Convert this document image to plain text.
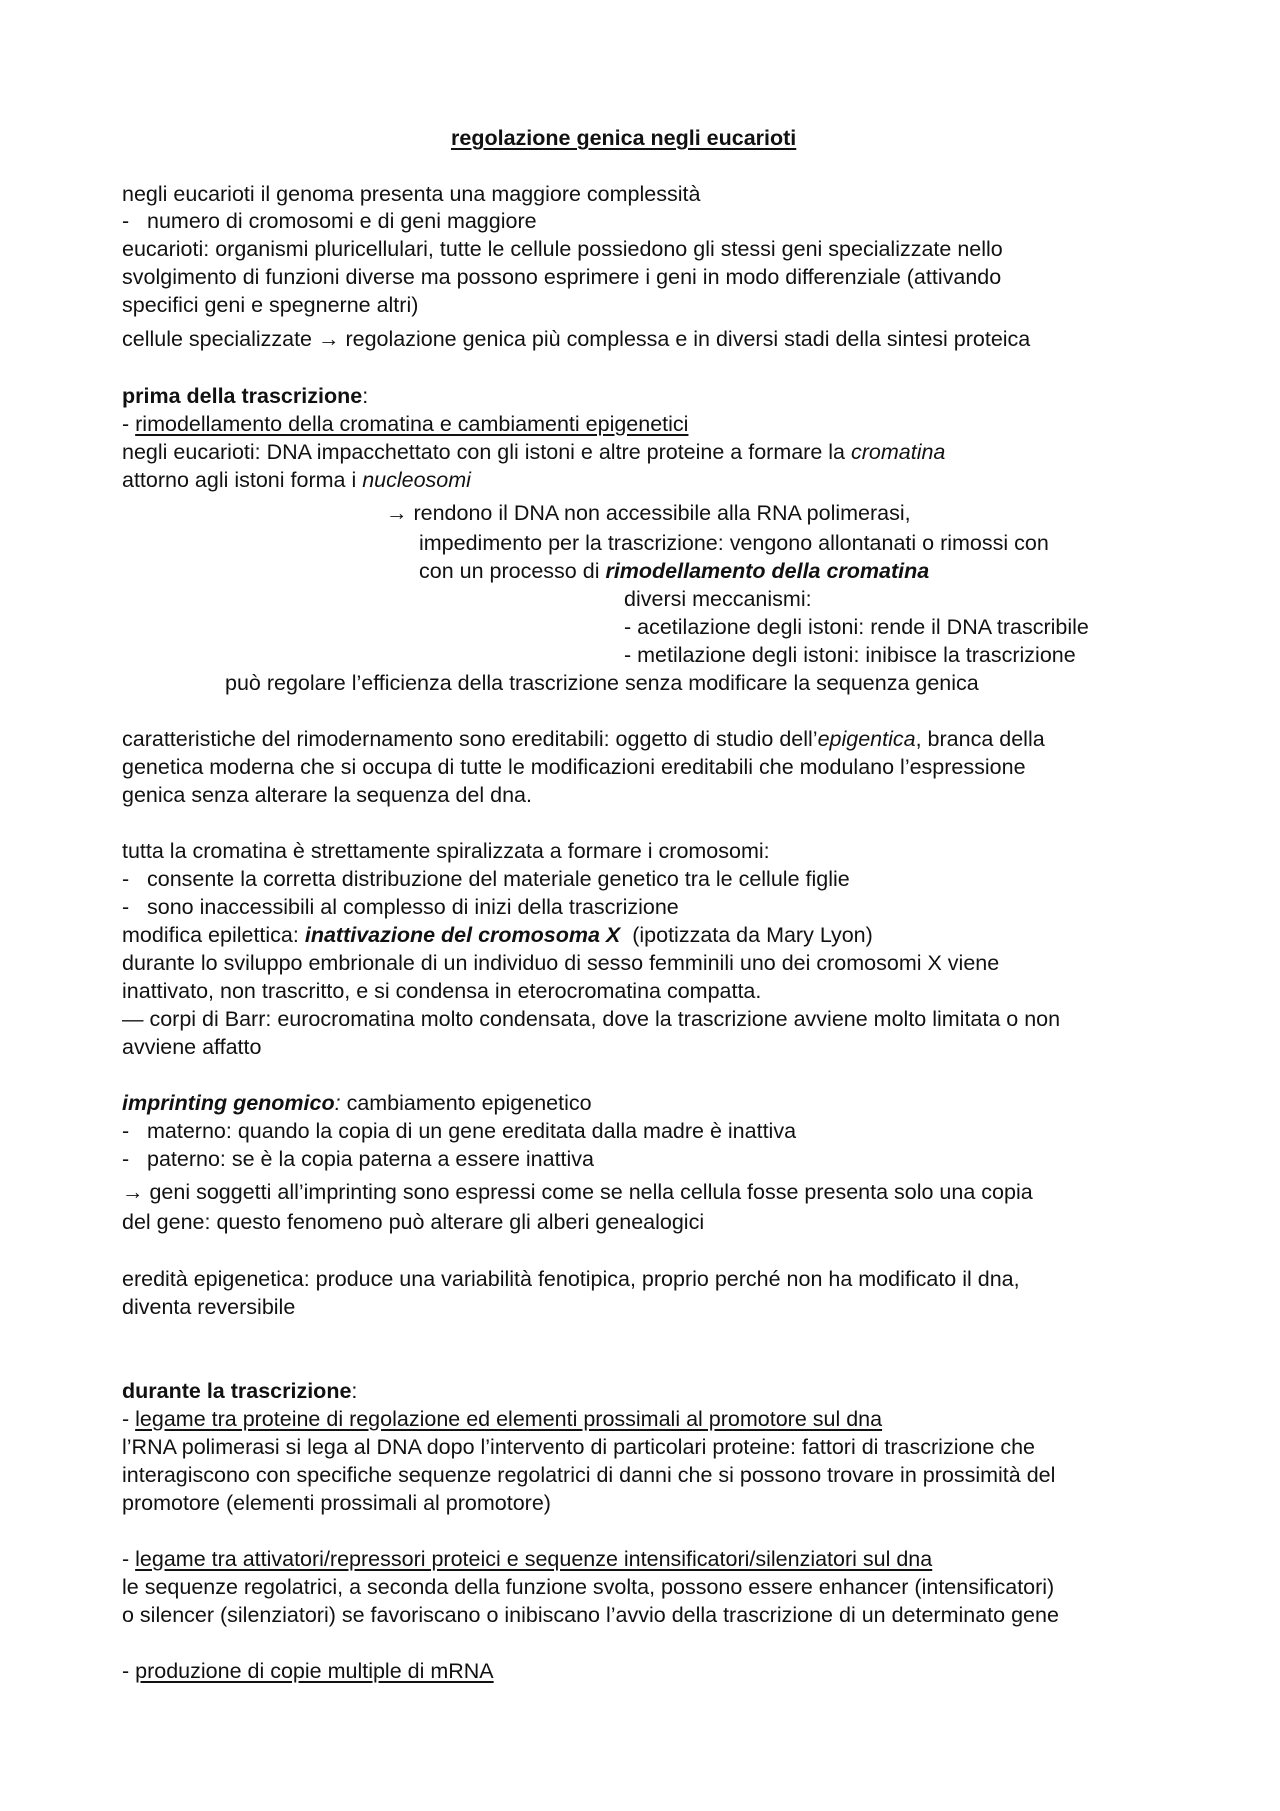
regolazione genica negli eucarioti
negli eucarioti il genoma presenta una maggiore complessità
- numero di cromosomi e di geni maggiore
eucarioti: organismi pluricellulari, tutte le cellule possiedono gli stessi geni specializzate nello
svolgimento di funzioni diverse ma possono esprimere i geni in modo differenziale (attivando
specifici geni e spegnerne altri)
cellule specializzate → regolazione genica più complessa e in diversi stadi della sintesi proteica
prima della trascrizione:
- rimodellamento della cromatina e cambiamenti epigenetici
negli eucarioti: DNA impacchettato con gli istoni e altre proteine a formare la cromatina
attorno agli istoni forma i nucleosomi
→ rendono il DNA non accessibile alla RNA polimerasi,
impedimento per la trascrizione: vengono allontanati o rimossi con
con un processo di rimodellamento della cromatina
diversi meccanismi:
- acetilazione degli istoni: rende il DNA trascribile
- metilazione degli istoni: inibisce la trascrizione
può regolare l’efficienza della trascrizione senza modificare la sequenza genica
caratteristiche del rimodernamento sono ereditabili: oggetto di studio dell’epigentica, branca della
genetica moderna che si occupa di tutte le modificazioni ereditabili che modulano l’espressione
genica senza alterare la sequenza del dna.
tutta la cromatina è strettamente spiralizzata a formare i cromosomi:
- consente la corretta distribuzione del materiale genetico tra le cellule figlie
- sono inaccessibili al complesso di inizi della trascrizione
modifica epilettica: inattivazione del cromosoma X  (ipotizzata da Mary Lyon)
durante lo sviluppo embrionale di un individuo di sesso femminili uno dei cromosomi X viene
inattivato, non trascritto, e si condensa in eterocromatina compatta.
— corpi di Barr: eurocromatina molto condensata, dove la trascrizione avviene molto limitata o non
avviene affatto
imprinting genomico: cambiamento epigenetico
- materno: quando la copia di un gene ereditata dalla madre è inattiva
- paterno: se è la copia paterna a essere inattiva
→ geni soggetti all’imprinting sono espressi come se nella cellula fosse presenta solo una copia
del gene: questo fenomeno può alterare gli alberi genealogici
eredità epigenetica: produce una variabilità fenotipica, proprio perché non ha modificato il dna,
diventa reversibile
durante la trascrizione:
- legame tra proteine di regolazione ed elementi prossimali al promotore sul dna
l’RNA polimerasi si lega al DNA dopo l’intervento di particolari proteine: fattori di trascrizione che
interagiscono con specifiche sequenze regolatrici di danni che si possono trovare in prossimità del
promotore (elementi prossimali al promotore)
- legame tra attivatori/repressori proteici e sequenze intensificatori/silenziatori sul dna
le sequenze regolatrici, a seconda della funzione svolta, possono essere enhancer (intensificatori)
o silencer (silenziatori) se favoriscano o inibiscano l’avvio della trascrizione di un determinato gene
- produzione di copie multiple di mRNA
